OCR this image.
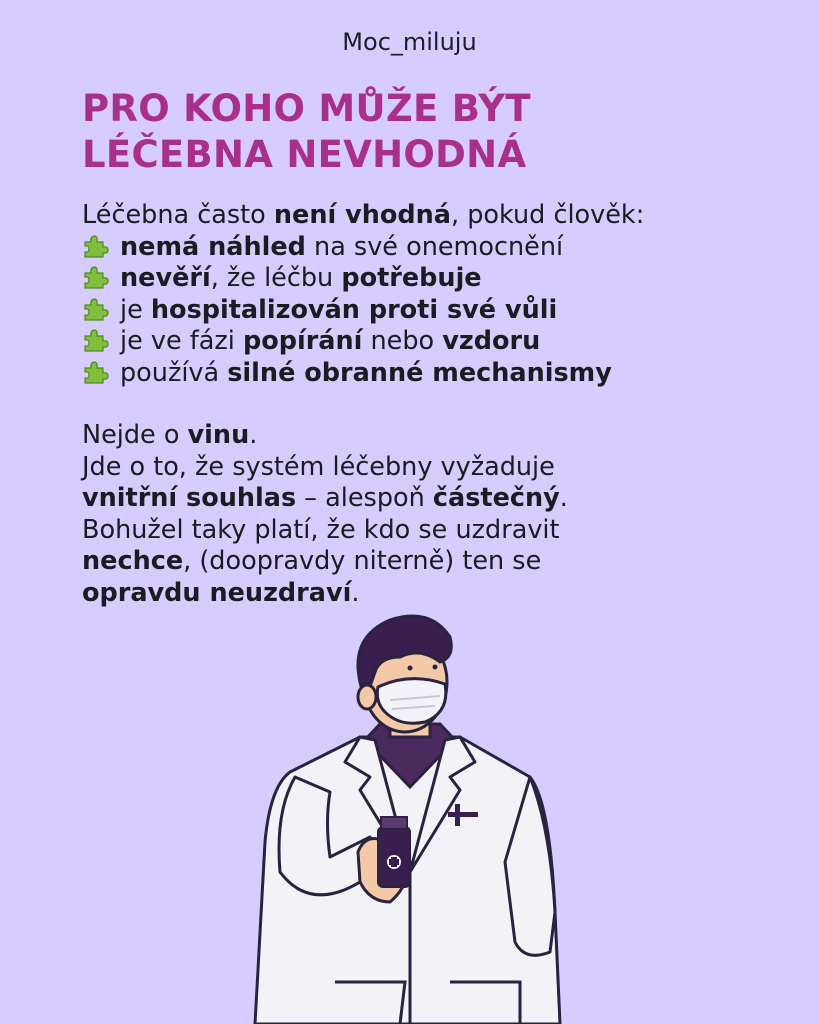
Moc_miluju
PRO KOHO MŮŽE BÝT
LÉČEBNA NEVHODNÁ
Léčebna často není vhodná, pokud člověk:
nemá náhled na své onemocnění
nevěří, že léčbu potřebuje
je hospitalizován proti své vůli
je ve fázi popírání nebo vzdoru
používá silné obranné mechanismy
Nejde o vinu.
Jde o to, že systém léčebny vyžaduje
vnitřní souhlas – alespoň částečný.
Bohužel taky platí, že kdo se uzdravit
nechce, (doopravdy niterně) ten se
opravdu neuzdraví.
